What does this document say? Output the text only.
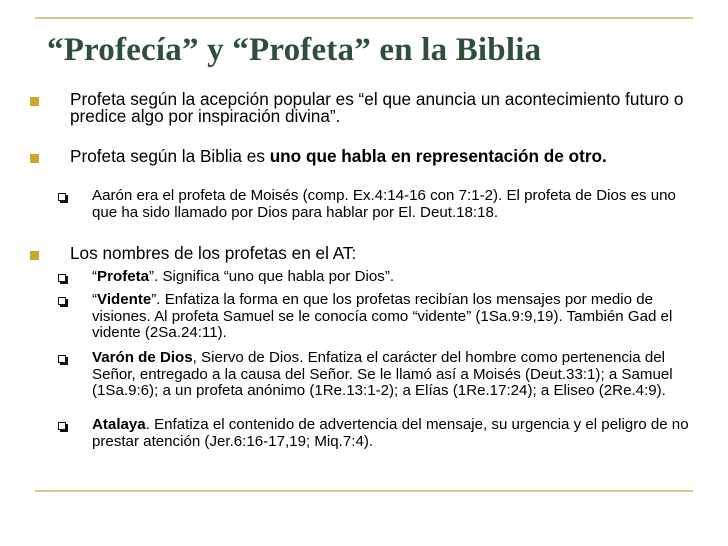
“Profecía” y “Profeta” en la Biblia
Profeta según la acepción popular es “el que anuncia un acontecimiento futuro o predice algo por inspiración divina”.
Profeta según la Biblia es uno que habla en representación de otro.
Aarón era el profeta de Moisés (comp. Ex.4:14-16 con 7:1-2). El profeta de Dios es uno que ha sido llamado por Dios para hablar por El. Deut.18:18.
Los nombres de los profetas en el AT:
“Profeta”. Significa “uno que habla por Dios”.
“Vidente”. Enfatiza la forma en que los profetas recibían los mensajes por medio de visiones. Al profeta Samuel se le conocía como “vidente” (1Sa.9:9,19). También Gad el vidente (2Sa.24:11).
Varón de Dios, Siervo de Dios. Enfatiza el carácter del hombre como pertenencia del Señor, entregado a la causa del Señor. Se le llamó así a Moisés (Deut.33:1); a Samuel (1Sa.9:6); a un profeta anónimo (1Re.13:1-2); a Elías (1Re.17:24); a Eliseo (2Re.4:9).
Atalaya. Enfatiza el contenido de advertencia del mensaje, su urgencia y el peligro de no prestar atención (Jer.6:16-17,19; Miq.7:4).
